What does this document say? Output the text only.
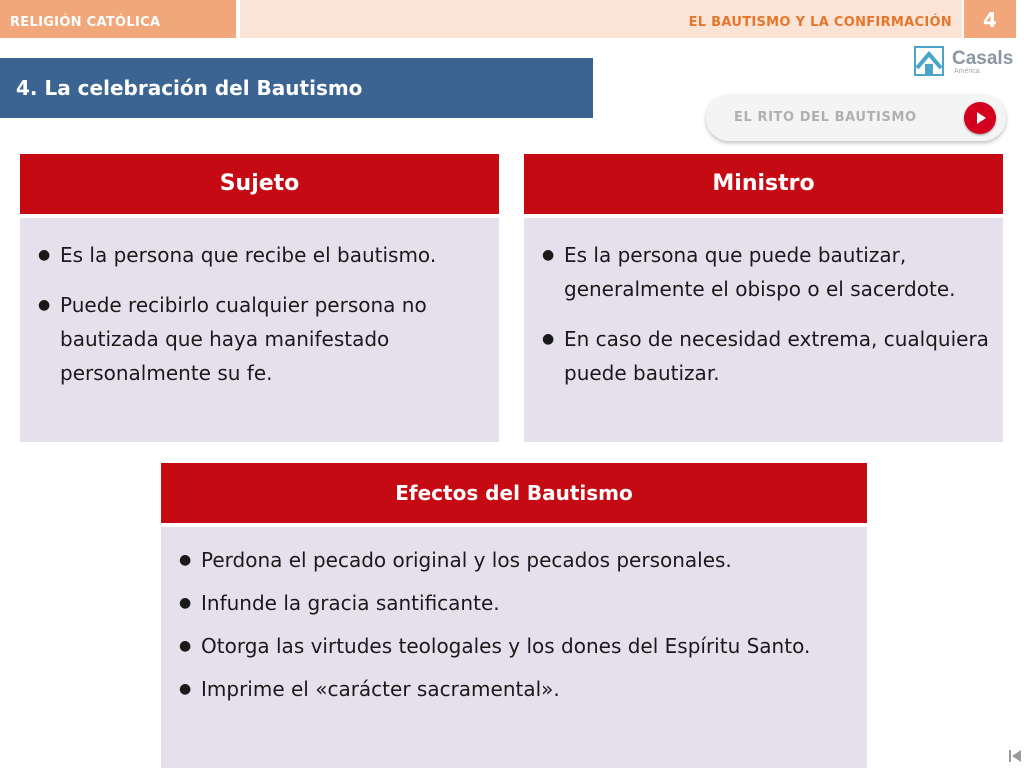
RELIGIÓN CATÓLICA	EL BAUTISMO Y LA CONFIRMACIÓN	4
Casals
América
4. La celebración del Bautismo
EL RITO DEL BAUTISMO
Sujeto
● Es la persona que recibe el bautismo.
● Puede recibirlo cualquier persona no bautizada que haya manifestado personalmente su fe.
Ministro
● Es la persona que puede bautizar, generalmente el obispo o el sacerdote.
● En caso de necesidad extrema, cualquiera puede bautizar.
Efectos del Bautismo
● Perdona el pecado original y los pecados personales.
● Infunde la gracia santificante.
● Otorga las virtudes teologales y los dones del Espíritu Santo.
● Imprime el «carácter sacramental».
